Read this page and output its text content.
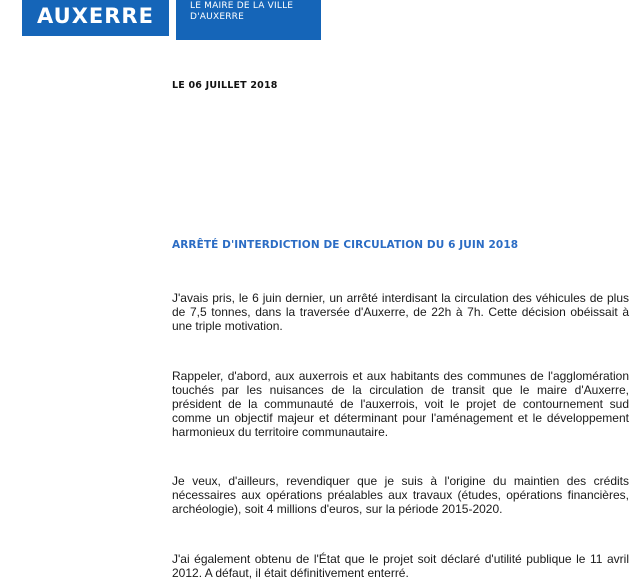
AUXERRE	LE MAIRE DE LA VILLE D'AUXERRE
LE 06 JUILLET 2018
ARRÊTÉ D'INTERDICTION DE CIRCULATION DU 6 JUIN 2018

J'avais pris, le 6 juin dernier, un arrêté interdisant la circulation des véhicules de plus de 7,5 tonnes, dans la traversée d'Auxerre, de 22h à 7h. Cette décision obéissait à une triple motivation.

Rappeler, d'abord, aux auxerrois et aux habitants des communes de l'agglomération touchés par les nuisances de la circulation de transit que le maire d'Auxerre, président de la communauté de l'auxerrois, voit le projet de contournement sud comme un objectif majeur et déterminant pour l'aménagement et le développement harmonieux du territoire communautaire.

Je veux, d'ailleurs, revendiquer que je suis à l'origine du maintien des crédits nécessaires aux opérations préalables aux travaux (études, opérations financières, archéologie), soit 4 millions d'euros, sur la période 2015-2020.

J'ai également obtenu de l'État que le projet soit déclaré d'utilité publique le 11 avril 2012. A défaut, il était définitivement enterré.
